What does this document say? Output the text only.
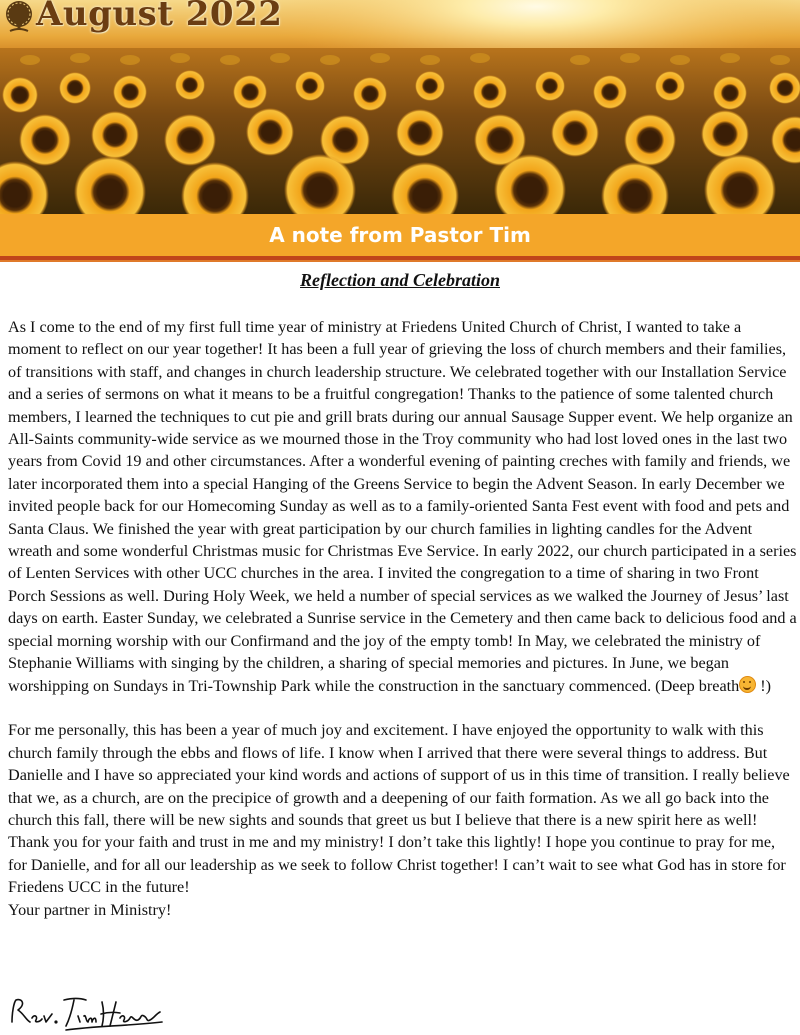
August 2022
A note from Pastor Tim
Reflection and Celebration

As I come to the end of my first full time year of ministry at Friedens United Church of Christ, I wanted to take a moment to reflect on our year together! It has been a full year of grieving the loss of church members and their families, of transitions with staff, and changes in church leadership structure. We celebrated together with our Installation Service and a series of sermons on what it means to be a fruitful congregation! Thanks to the patience of some talented church members, I learned the techniques to cut pie and grill brats during our annual Sausage Supper event. We help organize an All-Saints community-wide service as we mourned those in the Troy community who had lost loved ones in the last two years from Covid 19 and other circumstances. After a wonderful evening of painting creches with family and friends, we later incorporated them into a special Hanging of the Greens Service to begin the Advent Season. In early December we invited people back for our Homecoming Sunday as well as to a family-oriented Santa Fest event with food and pets and Santa Claus. We finished the year with great participation by our church families in lighting candles for the Advent wreath and some wonderful Christmas music for Christmas Eve Service. In early 2022, our church participated in a series of Lenten Services with other UCC churches in the area. I invited the congregation to a time of sharing in two Front Porch Sessions as well. During Holy Week, we held a number of special services as we walked the Journey of Jesus’ last days on earth. Easter Sunday, we celebrated a Sunrise service in the Cemetery and then came back to delicious food and a special morning worship with our Confirmand and the joy of the empty tomb! In May, we celebrated the ministry of Stephanie Williams with singing by the children, a sharing of special memories and pictures. In June, we began worshipping on Sundays in Tri-Township Park while the construction in the sanctuary commenced. (Deep breath !)

For me personally, this has been a year of much joy and excitement. I have enjoyed the opportunity to walk with this church family through the ebbs and flows of life. I know when I arrived that there were several things to address. But Danielle and I have so appreciated your kind words and actions of support of us in this time of transition. I really believe that we, as a church, are on the precipice of growth and a deepening of our faith formation. As we all go back into the church this fall, there will be new sights and sounds that greet us but I believe that there is a new spirit here as well! Thank you for your faith and trust in me and my ministry! I don’t take this lightly! I hope you continue to pray for me, for Danielle, and for all our leadership as we seek to follow Christ together! I can’t wait to see what God has in store for Friedens UCC in the future!

Your partner in Ministry!
